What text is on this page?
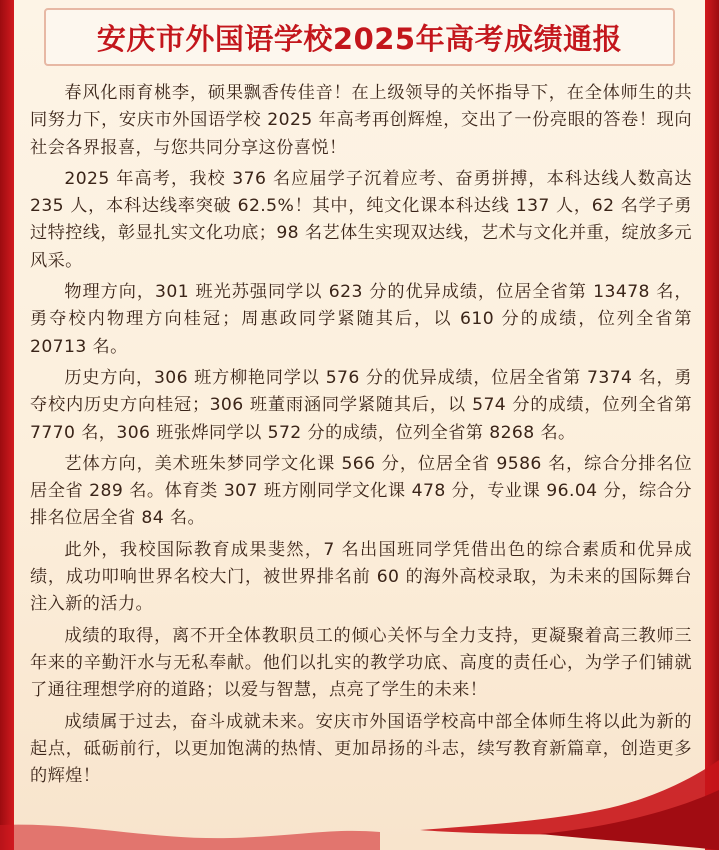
安庆市外国语学校2025年高考成绩通报

春风化雨育桃李，硕果飘香传佳音！在上级领导的关怀指导下，在全体师生的共同努力下，安庆市外国语学校 2025 年高考再创辉煌，交出了一份亮眼的答卷！现向社会各界报喜，与您共同分享这份喜悦！

2025 年高考，我校 376 名应届学子沉着应考、奋勇拼搏，本科达线人数高达 235 人，本科达线率突破 62.5%！其中，纯文化课本科达线 137 人，62 名学子勇过特控线，彰显扎实文化功底；98 名艺体生实现双达线，艺术与文化并重，绽放多元风采。

物理方向，301 班光苏强同学以 623 分的优异成绩，位居全省第 13478 名，勇夺校内物理方向桂冠；周惠政同学紧随其后，以 610 分的成绩，位列全省第 20713 名。

历史方向，306 班方柳艳同学以 576 分的优异成绩，位居全省第 7374 名，勇夺校内历史方向桂冠；306 班董雨涵同学紧随其后，以 574 分的成绩，位列全省第 7770 名，306 班张烨同学以 572 分的成绩，位列全省第 8268 名。

艺体方向，美术班朱梦同学文化课 566 分，位居全省 9586 名，综合分排名位居全省 289 名。体育类 307 班方刚同学文化课 478 分，专业课 96.04 分，综合分排名位居全省 84 名。

此外，我校国际教育成果斐然，7 名出国班同学凭借出色的综合素质和优异成绩，成功叩响世界名校大门，被世界排名前 60 的海外高校录取，为未来的国际舞台注入新的活力。

成绩的取得，离不开全体教职员工的倾心关怀与全力支持，更凝聚着高三教师三年来的辛勤汗水与无私奉献。他们以扎实的教学功底、高度的责任心，为学子们铺就了通往理想学府的道路；以爱与智慧，点亮了学生的未来！

成绩属于过去，奋斗成就未来。安庆市外国语学校高中部全体师生将以此为新的起点，砥砺前行，以更加饱满的热情、更加昂扬的斗志，续写教育新篇章，创造更多的辉煌！
